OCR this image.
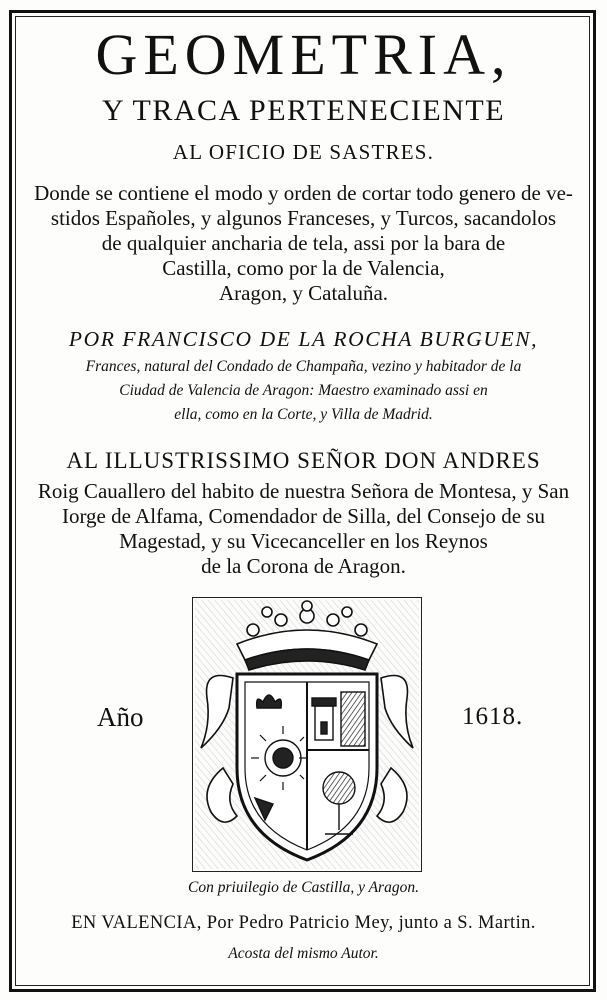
GEOMETRIA,
Y TRACA PERTENECIENTE
AL OFICIO DE SASTRES.
Donde se contiene el modo y orden de cortar todo genero de ve-
stidos Españoles, y algunos Franceses, y Turcos, sacandolos
de qualquier ancharia de tela, assi por la bara de
Castilla, como por la de Valencia,
Aragon, y Cataluña.
POR FRANCISCO DE LA ROCHA BURGUEN,
Frances, natural del Condado de Champaña, vezino y habitador de la
Ciudad de Valencia de Aragon: Maestro examinado assi en
ella, como en la Corte, y Villa de Madrid.
AL ILLUSTRISSIMO SEÑOR DON ANDRES
Roig Cauallero del habito de nuestra Señora de Montesa, y San
Iorge de Alfama, Comendador de Silla, del Consejo de su
Magestad, y su Vicecanceller en los Reynos
de la Corona de Aragon.
Año	1618.
Con priuilegio de Castilla, y Aragon.
EN VALENCIA, Por Pedro Patricio Mey, junto a S. Martin.
Acosta del mismo Autor.
